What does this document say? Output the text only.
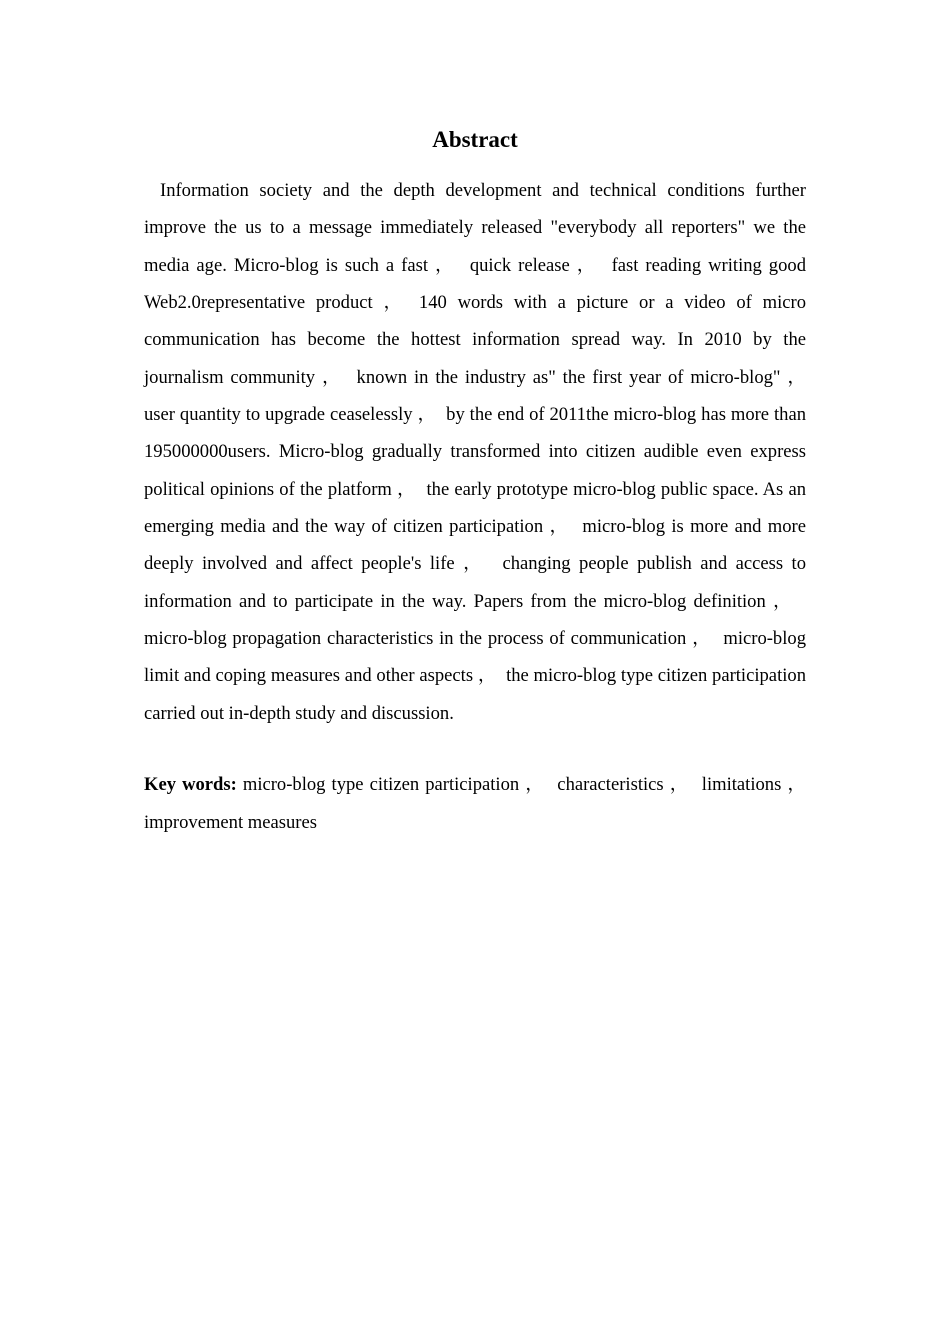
Abstract

Information society and the depth development and technical conditions further improve the us to a message immediately released "everybody all reporters" we the media age. Micro-blog is such a fast ，  quick release ，  fast reading writing good Web2.0representative product ， 140 words with a picture or a video of micro communication has become the hottest information spread way. In 2010 by the journalism community ，  known in the industry as" the first year of micro-blog" ， user quantity to upgrade ceaselessly ，  by the end of 2011the micro-blog has more than 195000000users. Micro-blog gradually transformed into citizen audible even express political opinions of the platform ，  the early prototype micro-blog public space. As an emerging media and the way of citizen participation ，  micro-blog is more and more deeply involved and affect people's life ，  changing people publish and access to information and to participate in the way. Papers from the micro-blog definition ，   micro-blog propagation characteristics in the process of communication ，  micro-blog limit and coping measures and other aspects ，  the micro-blog type citizen participation carried out in-depth study and discussion.

Key words: micro-blog type citizen participation ，  characteristics ，  limitations ， improvement measures
